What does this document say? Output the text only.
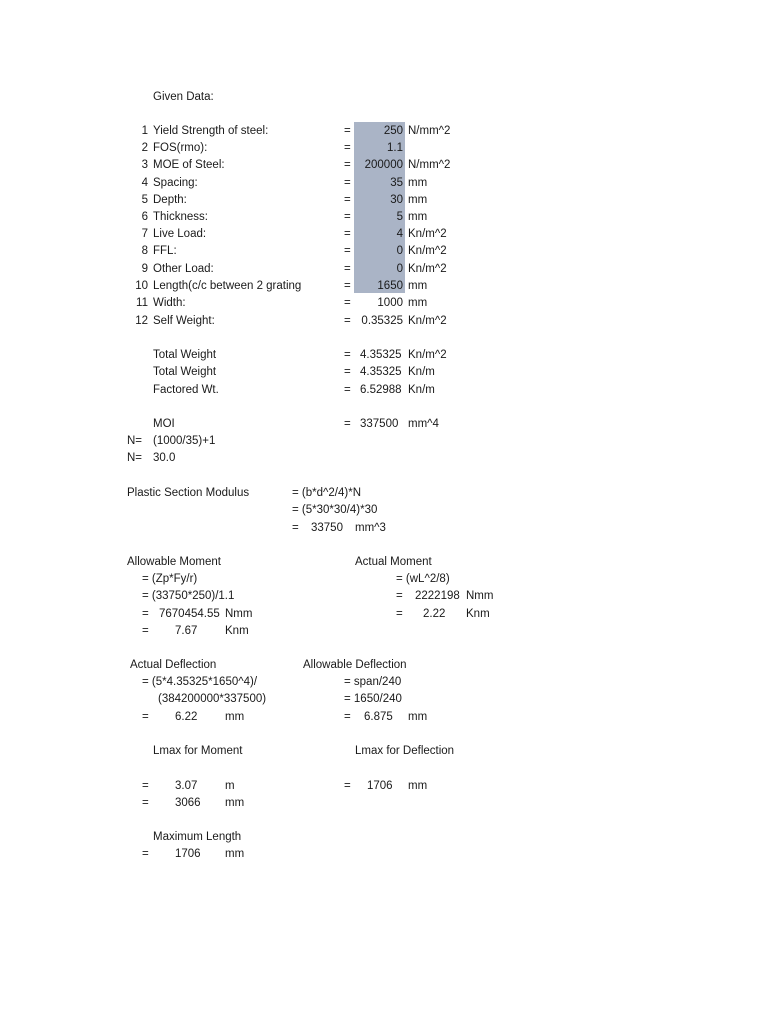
Given Data:
1 Yield Strength of steel:	=	250 N/mm^2
2 FOS(rmo):	=	1.1
3 MOE of Steel:	=	200000 N/mm^2
4 Spacing:	=	35 mm
5 Depth:	=	30 mm
6 Thickness:	=	5 mm
7 Live Load:	=	4 Kn/m^2
8 FFL:	=	0 Kn/m^2
9 Other Load:	=	0 Kn/m^2
10 Length(c/c between 2 grating	=	1650 mm
11 Width:	=	1000 mm
12 Self Weight:	= 0.35325 Kn/m^2
Total Weight	= 4.35325 Kn/m^2
Total Weight	= 4.35325 Kn/m
Factored Wt.	= 6.52988 Kn/m
MOI	= 337500 mm^4
N= (1000/35)+1
N= 30.0
Plastic Section Modulus	= (b*d^2/4)*N
= (5*30*30/4)*30
= 33750 mm^3
Allowable Moment
= (Zp*Fy/r)
= (33750*250)/1.1
= 7670454.55 Nmm
= 7.67 Knm
Actual Moment
= (wL^2/8)
= 2222198 Nmm
= 2.22 Knm
Actual Deflection
= (5*4.35325*1650^4)/
(384200000*337500)
= 6.22 mm
Allowable Deflection
= span/240
= 1650/240
= 6.875 mm
Lmax for Moment
= 3.07 m
= 3066 mm
Lmax for Deflection
= 1706 mm
Maximum Length
= 1706 mm
